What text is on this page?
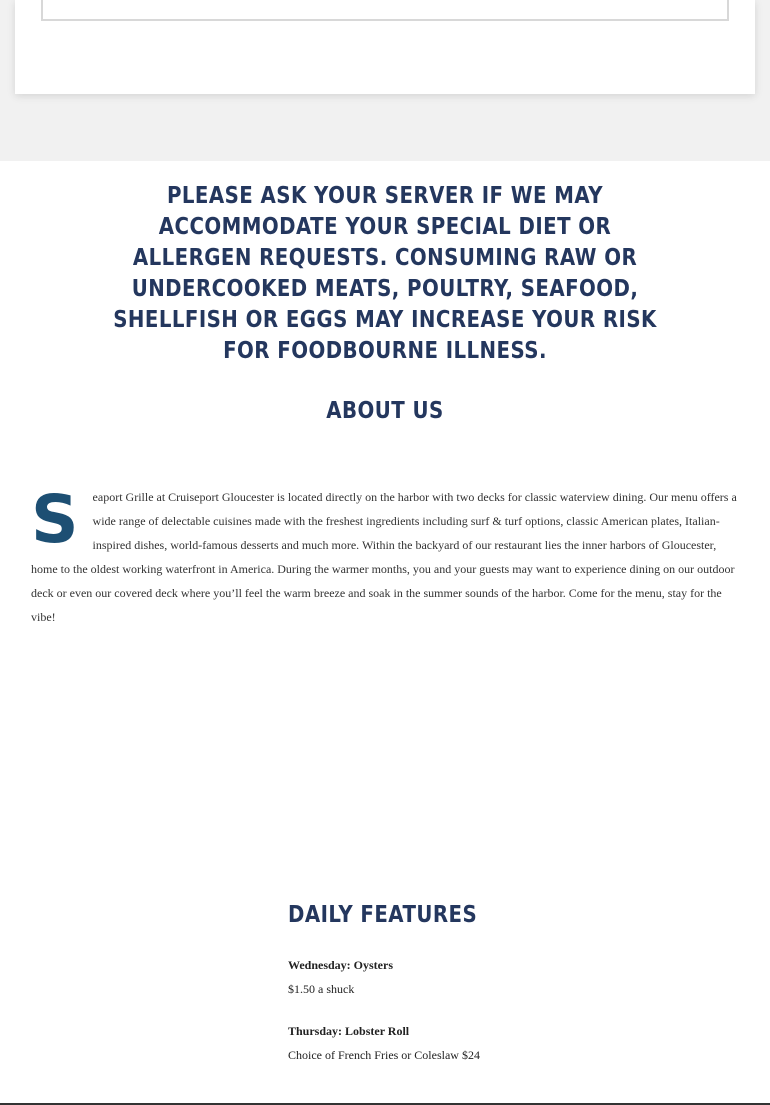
PLEASE ASK YOUR SERVER IF WE MAY ACCOMMODATE YOUR SPECIAL DIET OR ALLERGEN REQUESTS. CONSUMING RAW OR UNDERCOOKED MEATS, POULTRY, SEAFOOD, SHELLFISH OR EGGS MAY INCREASE YOUR RISK FOR FOODBOURNE ILLNESS.
ABOUT US
S eaport Grille at Cruiseport Gloucester is located directly on the harbor with two decks for classic waterview dining. Our menu offers a wide range of delectable cuisines made with the freshest ingredients including surf & turf options, classic American plates, Italian-inspired dishes, world-famous desserts and much more. Within the backyard of our restaurant lies the inner harbors of Gloucester, home to the oldest working waterfront in America. During the warmer months, you and your guests may want to experience dining on our outdoor deck or even our covered deck where you’ll feel the warm breeze and soak in the summer sounds of the harbor. Come for the menu, stay for the vibe!
DAILY FEATURES
Wednesday: Oysters
$1.50 a shuck
Thursday: Lobster Roll
Choice of French Fries or Coleslaw $24
